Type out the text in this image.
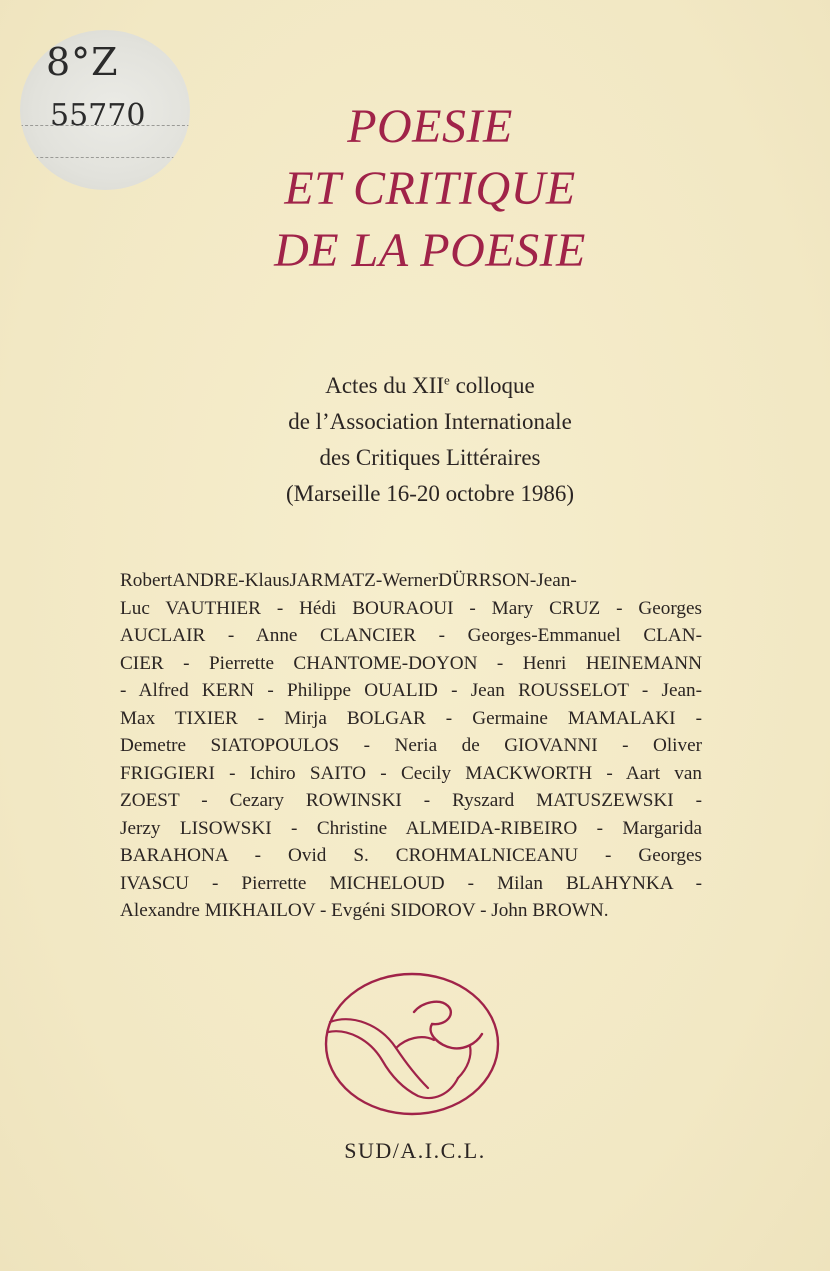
8°Z
55770	POESIE
ET CRITIQUE
DE LA POESIE
Actes du XIIe colloque
de l’Association Internationale
des Critiques Littéraires
(Marseille 16-20 octobre 1986)
RobertANDRE-KlausJARMATZ-WernerDÜRRSON-Jean-
Luc VAUTHIER - Hédi BOURAOUI - Mary CRUZ - Georges
AUCLAIR - Anne CLANCIER - Georges-Emmanuel CLAN-
CIER - Pierrette CHANTOME-DOYON - Henri HEINEMANN
- Alfred KERN - Philippe OUALID - Jean ROUSSELOT - Jean-
Max TIXIER - Mirja BOLGAR - Germaine MAMALAKI -
Demetre SIATOPOULOS - Neria de GIOVANNI - Oliver
FRIGGIERI - Ichiro SAITO - Cecily MACKWORTH - Aart van
ZOEST - Cezary ROWINSKI - Ryszard MATUSZEWSKI -
Jerzy LISOWSKI - Christine ALMEIDA-RIBEIRO - Margarida
BARAHONA - Ovid S. CROHMALNICEANU - Georges
IVASCU - Pierrette MICHELOUD - Milan BLAHYNKA -
Alexandre MIKHAILOV - Evgéni SIDOROV - John BROWN.
SUD/A.I.C.L.
